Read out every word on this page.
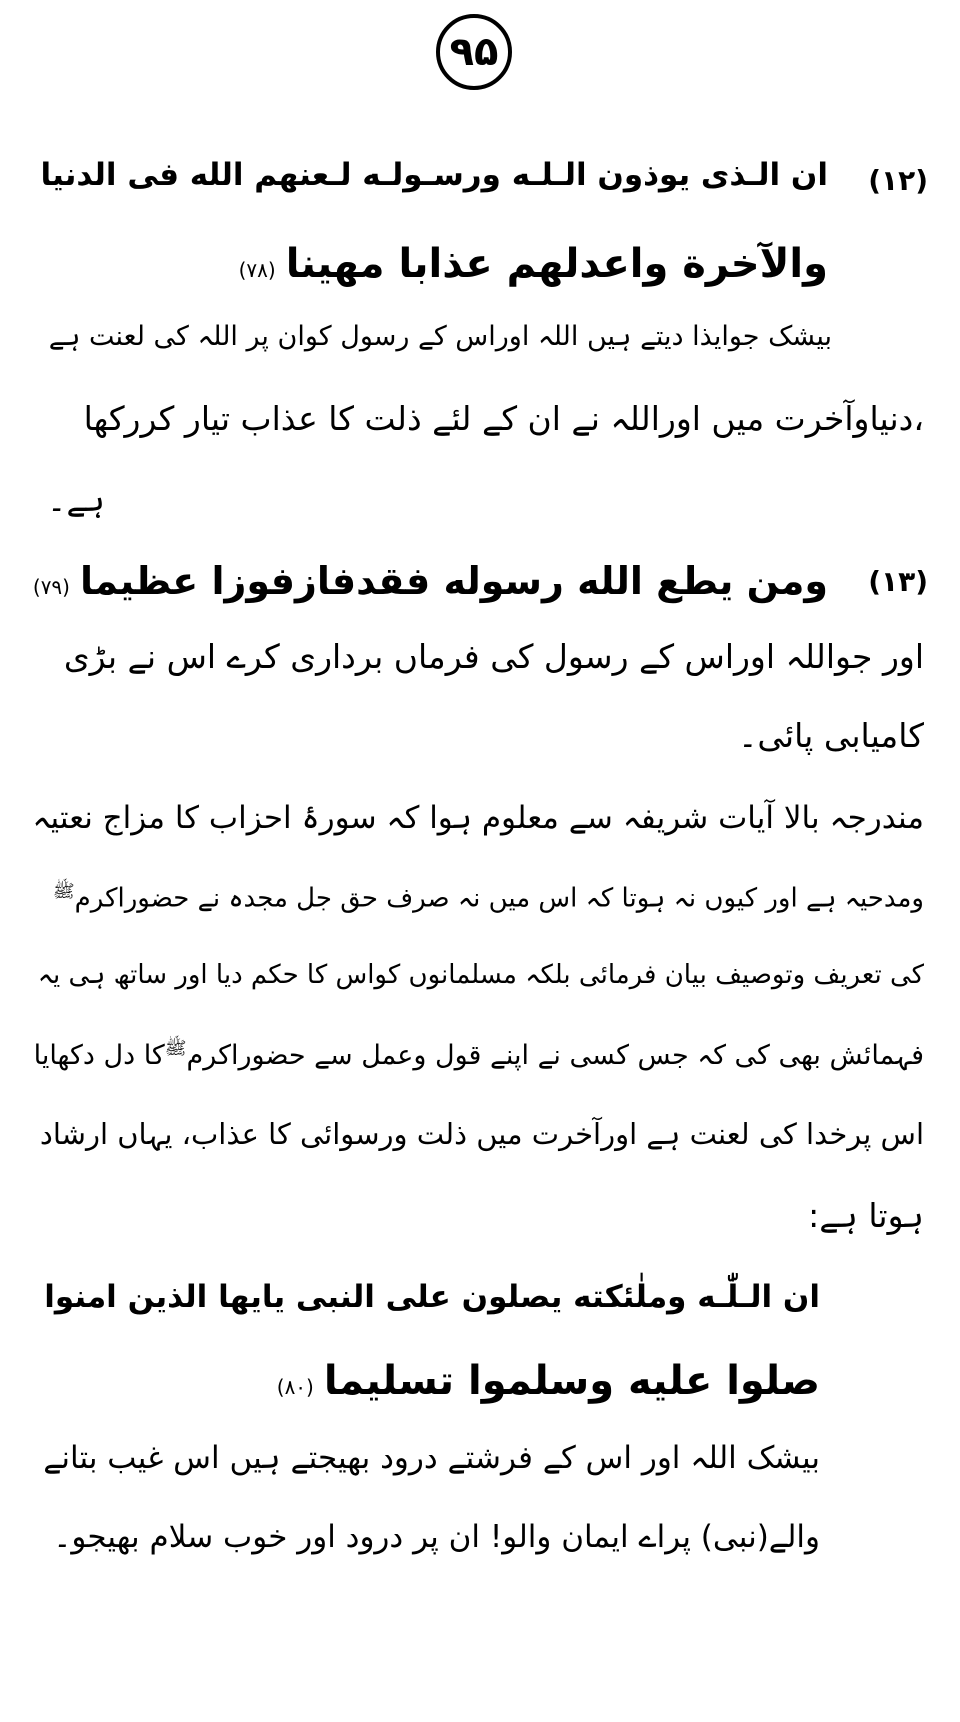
۹۵
(۱۲)
ان الـذی یوذون الـلـه ورسـولـه لـعنهم الله فی الدنیا
والآخرة واعدلهم عذابا مهینا(۷۸)
بیشک جوایذا دیتے ہیں اللہ اوراس کے رسول کوان پر اللہ کی لعنت ہے
،دنیاوآخرت میں اوراللہ نے ان کے لئے ذلت کا عذاب تیار کررکھا
ہے۔
(۱۳)
ومن یطع الله رسوله فقدفازفوزا عظیما(۷۹)
اور جواللہ اوراس کے رسول کی فرماں برداری کرے اس نے بڑی
کامیابی پائی۔
مندرجہ بالا آیات شریفہ سے معلوم ہوا کہ سورۂ احزاب کا مزاج نعتیہ
ومدحیہ ہے اور کیوں نہ ہوتا کہ اس میں نہ صرف حق جل مجدہ نے حضوراکرم$^ﷺ$
کی تعریف وتوصیف بیان فرمائی بلکہ مسلمانوں کواس کا حکم دیا اور ساتھ ہی یہ
فہمائش بھی کی کہ جس کسی نے اپنے قول وعمل سے حضوراکرم$^ﷺ$کا دل دکھایا
اس پرخدا کی لعنت ہے اورآخرت میں ذلت ورسوائی کا عذاب، یہاں ارشاد
ہوتا ہے:
ان الـلّٰـه وملٰئكته یصلون علی النبی یایها الذین امنوا
صلوا علیه وسلموا تسلیما(۸۰)
بیشک اللہ اور اس کے فرشتے درود بھیجتے ہیں اس غیب بتانے
والے(نبی) پراے ایمان والو! ان پر درود اور خوب سلام بھیجو۔
